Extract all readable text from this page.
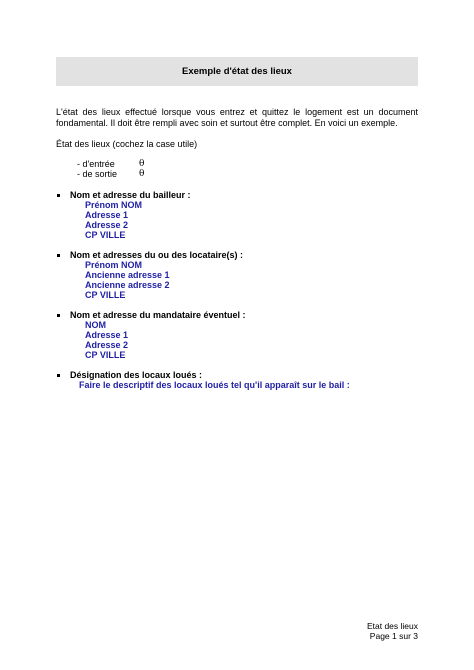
Exemple d'état des lieux
L'état des lieux effectué lorsque vous entrez et quittez le logement est un document fondamental. Il doit être rempli avec soin et surtout être complet. En voici un exemple.
État des lieux (cochez la case utile)
- d'entrée	θ
- de sortie θ
Nom et adresse du bailleur :
Prénom NOM
Adresse 1
Adresse 2
CP VILLE
Nom et adresses du ou des locataire(s) :
Prénom NOM
Ancienne adresse 1
Ancienne adresse 2
CP VILLE
Nom et adresse du mandataire éventuel :
NOM
Adresse 1
Adresse 2
CP VILLE
Désignation des locaux loués :
Faire le descriptif des locaux loués tel qu'il apparaît sur le bail :
Etat des lieux
Page 1 sur 3
